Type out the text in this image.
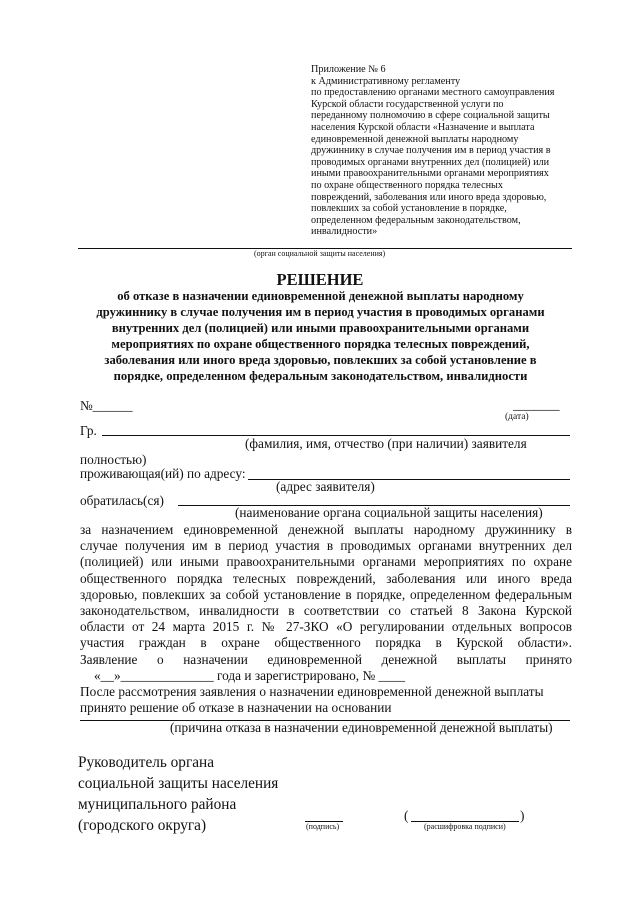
Приложение № 6
к Административному регламенту
по предоставлению органами местного самоуправления
Курской области государственной услуги по
переданному полномочию в сфере социальной защиты
населения Курской области «Назначение и выплата
единовременной денежной выплаты народному
дружиннику в случае получения им в период участия в
проводимых органами внутренних дел (полицией) или
иными правоохранительными органами мероприятиях
по охране общественного порядка телесных
повреждений, заболевания или иного вреда здоровью,
повлекших за собой установление в порядке,
определенном федеральным законодательством,
инвалидности»
(орган социальной защиты населения)
РЕШЕНИЕ
об отказе в назначении единовременной денежной выплаты народному
дружиннику в случае получения им в период участия в проводимых органами
внутренних дел (полицией) или иными правоохранительными органами
мероприятиях по охране общественного порядка телесных повреждений,
заболевания или иного вреда здоровью, повлекших за собой установление в
порядке, определенном федеральным законодательством, инвалидности
№______	_______
(дата)
Гр.
(фамилия, имя, отчество (при наличии) заявителя
полностью)
проживающая(ий) по адресу:
(адрес заявителя)
обратилась(ся)
(наименование органа социальной защиты населения)
за назначением единовременной денежной выплаты народному дружиннику в
случае получения им в период участия в проводимых органами внутренних дел
(полицией) или иными правоохранительными органами мероприятиях по охране
общественного порядка телесных повреждений, заболевания или иного вреда
здоровью, повлекших за собой установление в порядке, определенном федеральным
законодательством, инвалидности в соответствии со статьей 8 Закона Курской
области от 24 марта 2015 г. № 27-ЗКО «О регулировании отдельных вопросов
участия граждан в охране общественного порядка в Курской области».
Заявление о назначении единовременной денежной выплаты принято
«__»______________ года и зарегистрировано, № ____
После рассмотрения заявления о назначении единовременной денежной выплаты
принято решение об отказе в назначении на основании
(причина отказа в назначении единовременной денежной выплаты)
Руководитель органа
социальной защиты населения
муниципального района
(городского округа)	(подпись)
(	)
(расшифровка подписи)
